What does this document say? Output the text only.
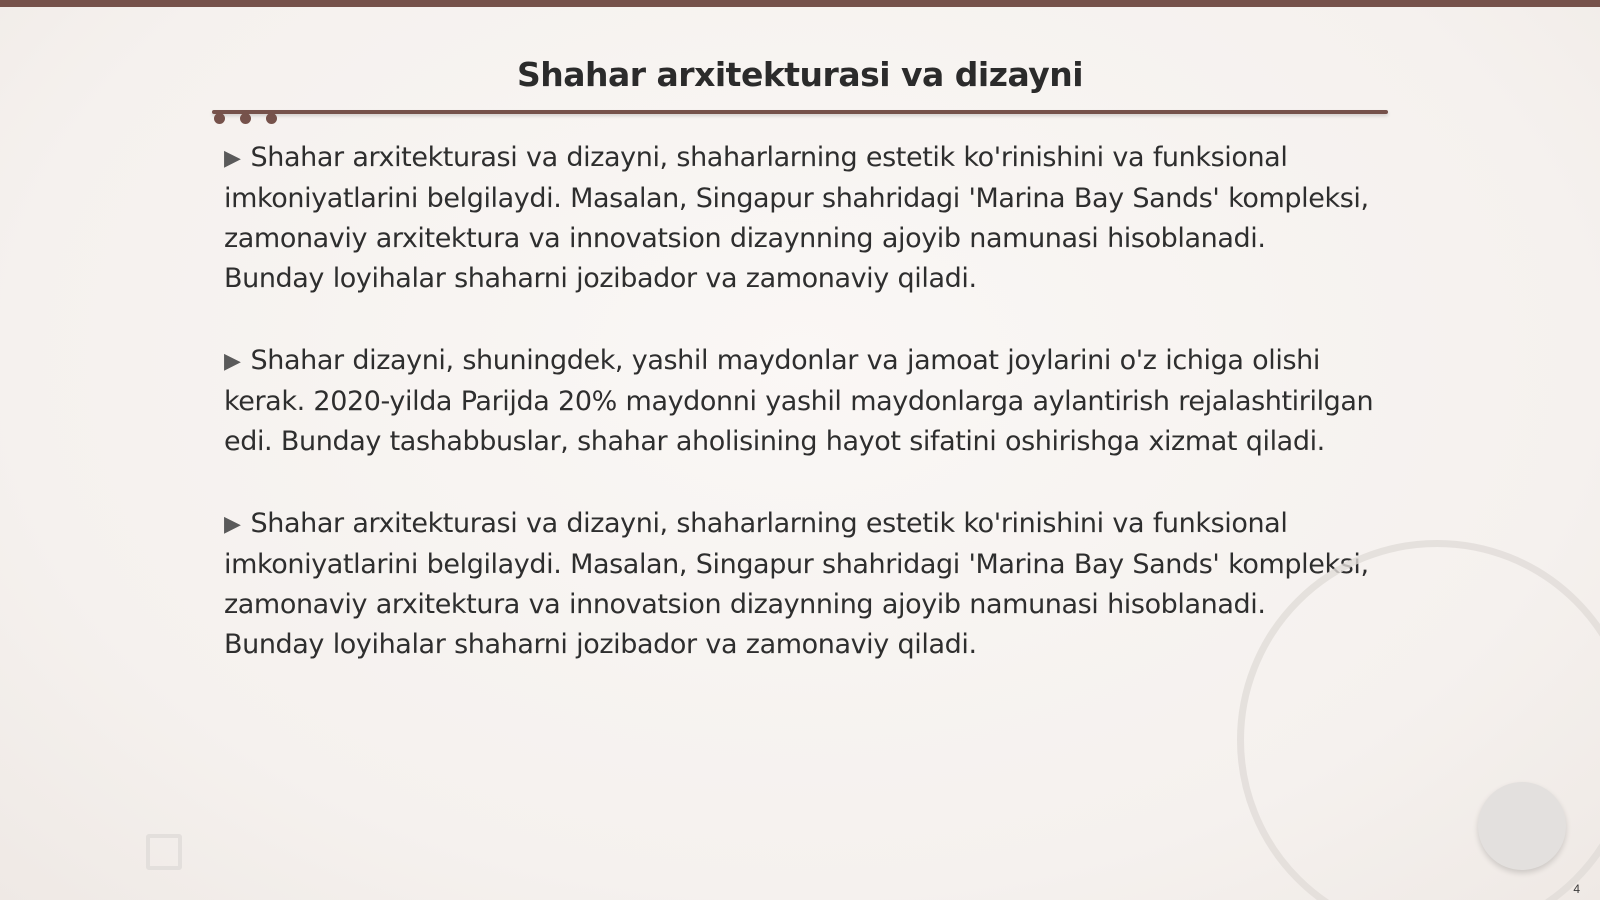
Shahar arxitekturasi va dizayni

▶ Shahar arxitekturasi va dizayni, shaharlarning estetik ko'rinishini va funksional imkoniyatlarini belgilaydi. Masalan, Singapur shahridagi 'Marina Bay Sands' kompleksi, zamonaviy arxitektura va innovatsion dizaynning ajoyib namunasi hisoblanadi. Bunday loyihalar shaharni jozibador va zamonaviy qiladi.

▶ Shahar dizayni, shuningdek, yashil maydonlar va jamoat joylarini o'z ichiga olishi kerak. 2020-yilda Parijda 20% maydonni yashil maydonlarga aylantirish rejalashtirilgan edi. Bunday tashabbuslar, shahar aholisining hayot sifatini oshirishga xizmat qiladi.

▶ Shahar arxitekturasi va dizayni, shaharlarning estetik ko'rinishini va funksional imkoniyatlarini belgilaydi. Masalan, Singapur shahridagi 'Marina Bay Sands' kompleksi, zamonaviy arxitektura va innovatsion dizaynning ajoyib namunasi hisoblanadi. Bunday loyihalar shaharni jozibador va zamonaviy qiladi.

4
